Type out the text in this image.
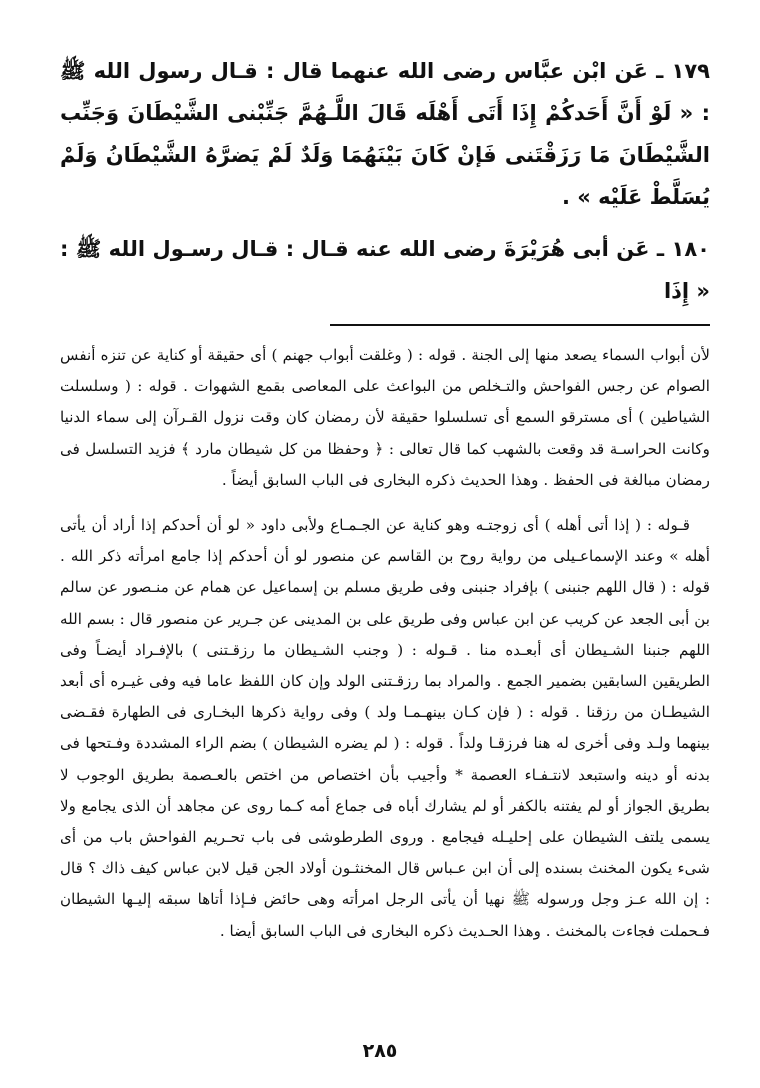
١٧٩ ـ عَن ابْن عبَّاس رضى الله عنهما قال : قـال رسول الله ﷺ : « لَوْ أَنَّ أَحَدكُمْ إِذَا أَتَى أَهْلَه قَالَ اللَّـهُمَّ جَنِّبْنى الشَّيْطَانَ وَجَنِّب الشَّيْطَانَ مَا رَزَقْتَنى فَإنْ كَانَ بَيْنَهُمَا وَلَدٌ لَمْ يَضرَّهُ الشَّيْطَانُ وَلَمْ يُسَلَّطْ عَلَيْه » .

١٨٠ ـ عَن أبى هُرَيْرَةَ رضى الله عنه قـال : قـال رسـول الله ﷺ : « إِذَا

لأن أبواب السماء يصعد منها إلى الجنة . قوله : ( وغلقت أبواب جهنم ) أى حقيقة أو كناية عن تنزه أنفس الصوام عن رجس الفواحش والتـخلص من البواعث على المعاصى بقمع الشهوات . قوله : ( وسلسلت الشياطين ) أى مسترقو السمع أى تسلسلوا حقيقة لأن رمضان كان وقت نزول القـرآن إلى سماء الدنيا وكانت الحراسـة قد وقعت بالشهب كما قال تعالى : ﴿ وحفظا من كل شيطان مارد ﴾ فزيد التسلسل فى رمضان مبالغة فى الحفظ . وهذا الحديث ذكره البخارى فى الباب السابق أيضاً .

قـوله : ( إذا أتى أهله ) أى زوجتـه وهو كناية عن الجـمـاع ولأبى داود « لو أن أحدكم إذا أراد أن يأتى أهله » وعند الإسماعـيلى من رواية روح بن القاسم عن منصور لو أن أحدكم إذا جامع امرأته ذكر الله . قوله : ( قال اللهم جنبنى ) بإفراد جنبنى وفى طريق مسلم بن إسماعيل عن همام عن منـصور عن سالم بن أبى الجعد عن كريب عن ابن عباس وفى طريق على بن المدينى عن جـرير عن منصور قال : بسم الله اللهم جنبنا الشـيطان أى أبعـده منا . قـوله : ( وجنب الشـيطان ما رزقـتنى ) بالإفـراد أيضـاً وفى الطريقين السابقين بضمير الجمع . والمراد بما رزقـتنى الولد وإن كان اللفظ عاما فيه وفى غيـره أى أبعد الشيطـان من رزقنا . قوله : ( فإن كـان بينهـمـا ولد ) وفى رواية ذكرها البخـارى فى الطهارة فقـضى بينهما ولـد وفى أخرى له هنا فرزقـا ولداً . قوله : ( لم يضره الشيطان ) بضم الراء المشددة وفـتحها فى بدنه أو دينه واستبعد لانتـفـاء العصمة * وأجيب بأن اختصاص من اختص بالعـصمة بطريق الوجوب لا بطريق الجواز أو لم يفتنه بالكفر أو لم يشارك أباه فى جماع أمه كـما روى عن مجاهد أن الذى يجامع ولا يسمى يلتف الشيطان على إحليـله فيجامع . وروى الطرطوشى فى باب تحـريم الفواحش باب من أى شىء يكون المخنث بسنده إلى أن ابن عـباس قال المخنثـون أولاد الجن قيل لابن عباس كيف ذاك ؟ قال : إن الله عـز وجل ورسوله ﷺ نهيا أن يأتى الرجل امرأته وهى حائض فـإذا أتاها سبقه إليـها الشيطان فـحملت فجاءت بالمخنث . وهذا الحـديث ذكره البخارى فى الباب السابق أيضا .

٢٨٥
